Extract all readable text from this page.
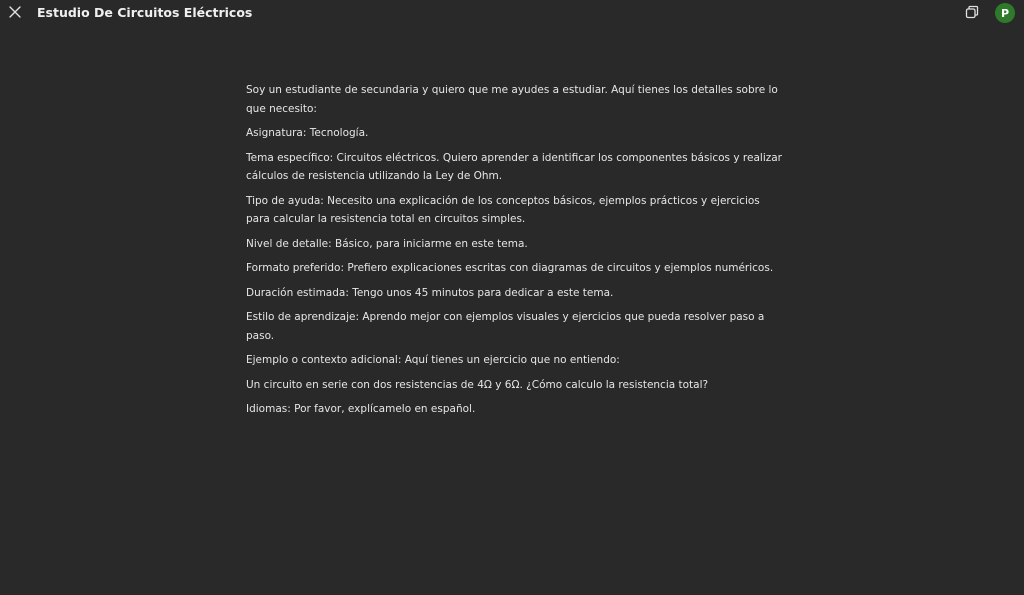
Estudio De Circuitos Eléctricos	P

Soy un estudiante de secundaria y quiero que me ayudes a estudiar. Aquí tienes los detalles sobre lo que necesito:

Asignatura: Tecnología.

Tema específico: Circuitos eléctricos. Quiero aprender a identificar los componentes básicos y realizar cálculos de resistencia utilizando la Ley de Ohm.

Tipo de ayuda: Necesito una explicación de los conceptos básicos, ejemplos prácticos y ejercicios para calcular la resistencia total en circuitos simples.

Nivel de detalle: Básico, para iniciarme en este tema.

Formato preferido: Prefiero explicaciones escritas con diagramas de circuitos y ejemplos numéricos.

Duración estimada: Tengo unos 45 minutos para dedicar a este tema.

Estilo de aprendizaje: Aprendo mejor con ejemplos visuales y ejercicios que pueda resolver paso a paso.

Ejemplo o contexto adicional: Aquí tienes un ejercicio que no entiendo:

Un circuito en serie con dos resistencias de 4Ω y 6Ω. ¿Cómo calculo la resistencia total?

Idiomas: Por favor, explícamelo en español.
